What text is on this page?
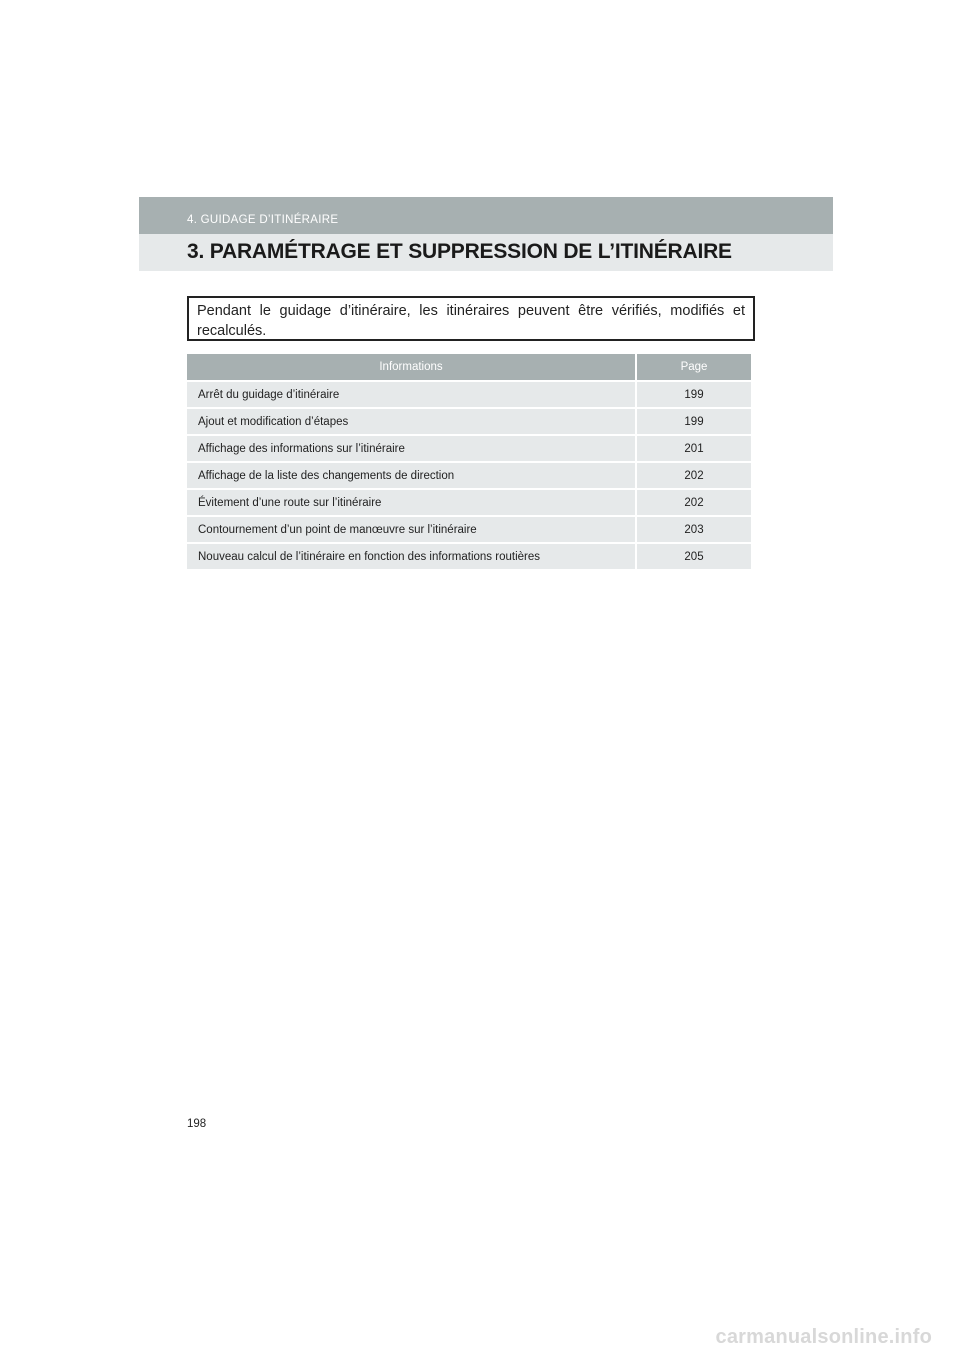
4. GUIDAGE D’ITINÉRAIRE
3. PARAMÉTRAGE ET SUPPRESSION DE L’ITINÉRAIRE
Pendant le guidage d’itinéraire, les itinéraires peuvent être vérifiés, modifiés et recalculés.
Informations	Page
Arrêt du guidage d’itinéraire	199
Ajout et modification d’étapes	199
Affichage des informations sur l’itinéraire	201
Affichage de la liste des changements de direction	202
Évitement d’une route sur l’itinéraire	202
Contournement d’un point de manœuvre sur l’itinéraire	203
Nouveau calcul de l’itinéraire en fonction des informations routières	205
198
carmanualsonline.info
